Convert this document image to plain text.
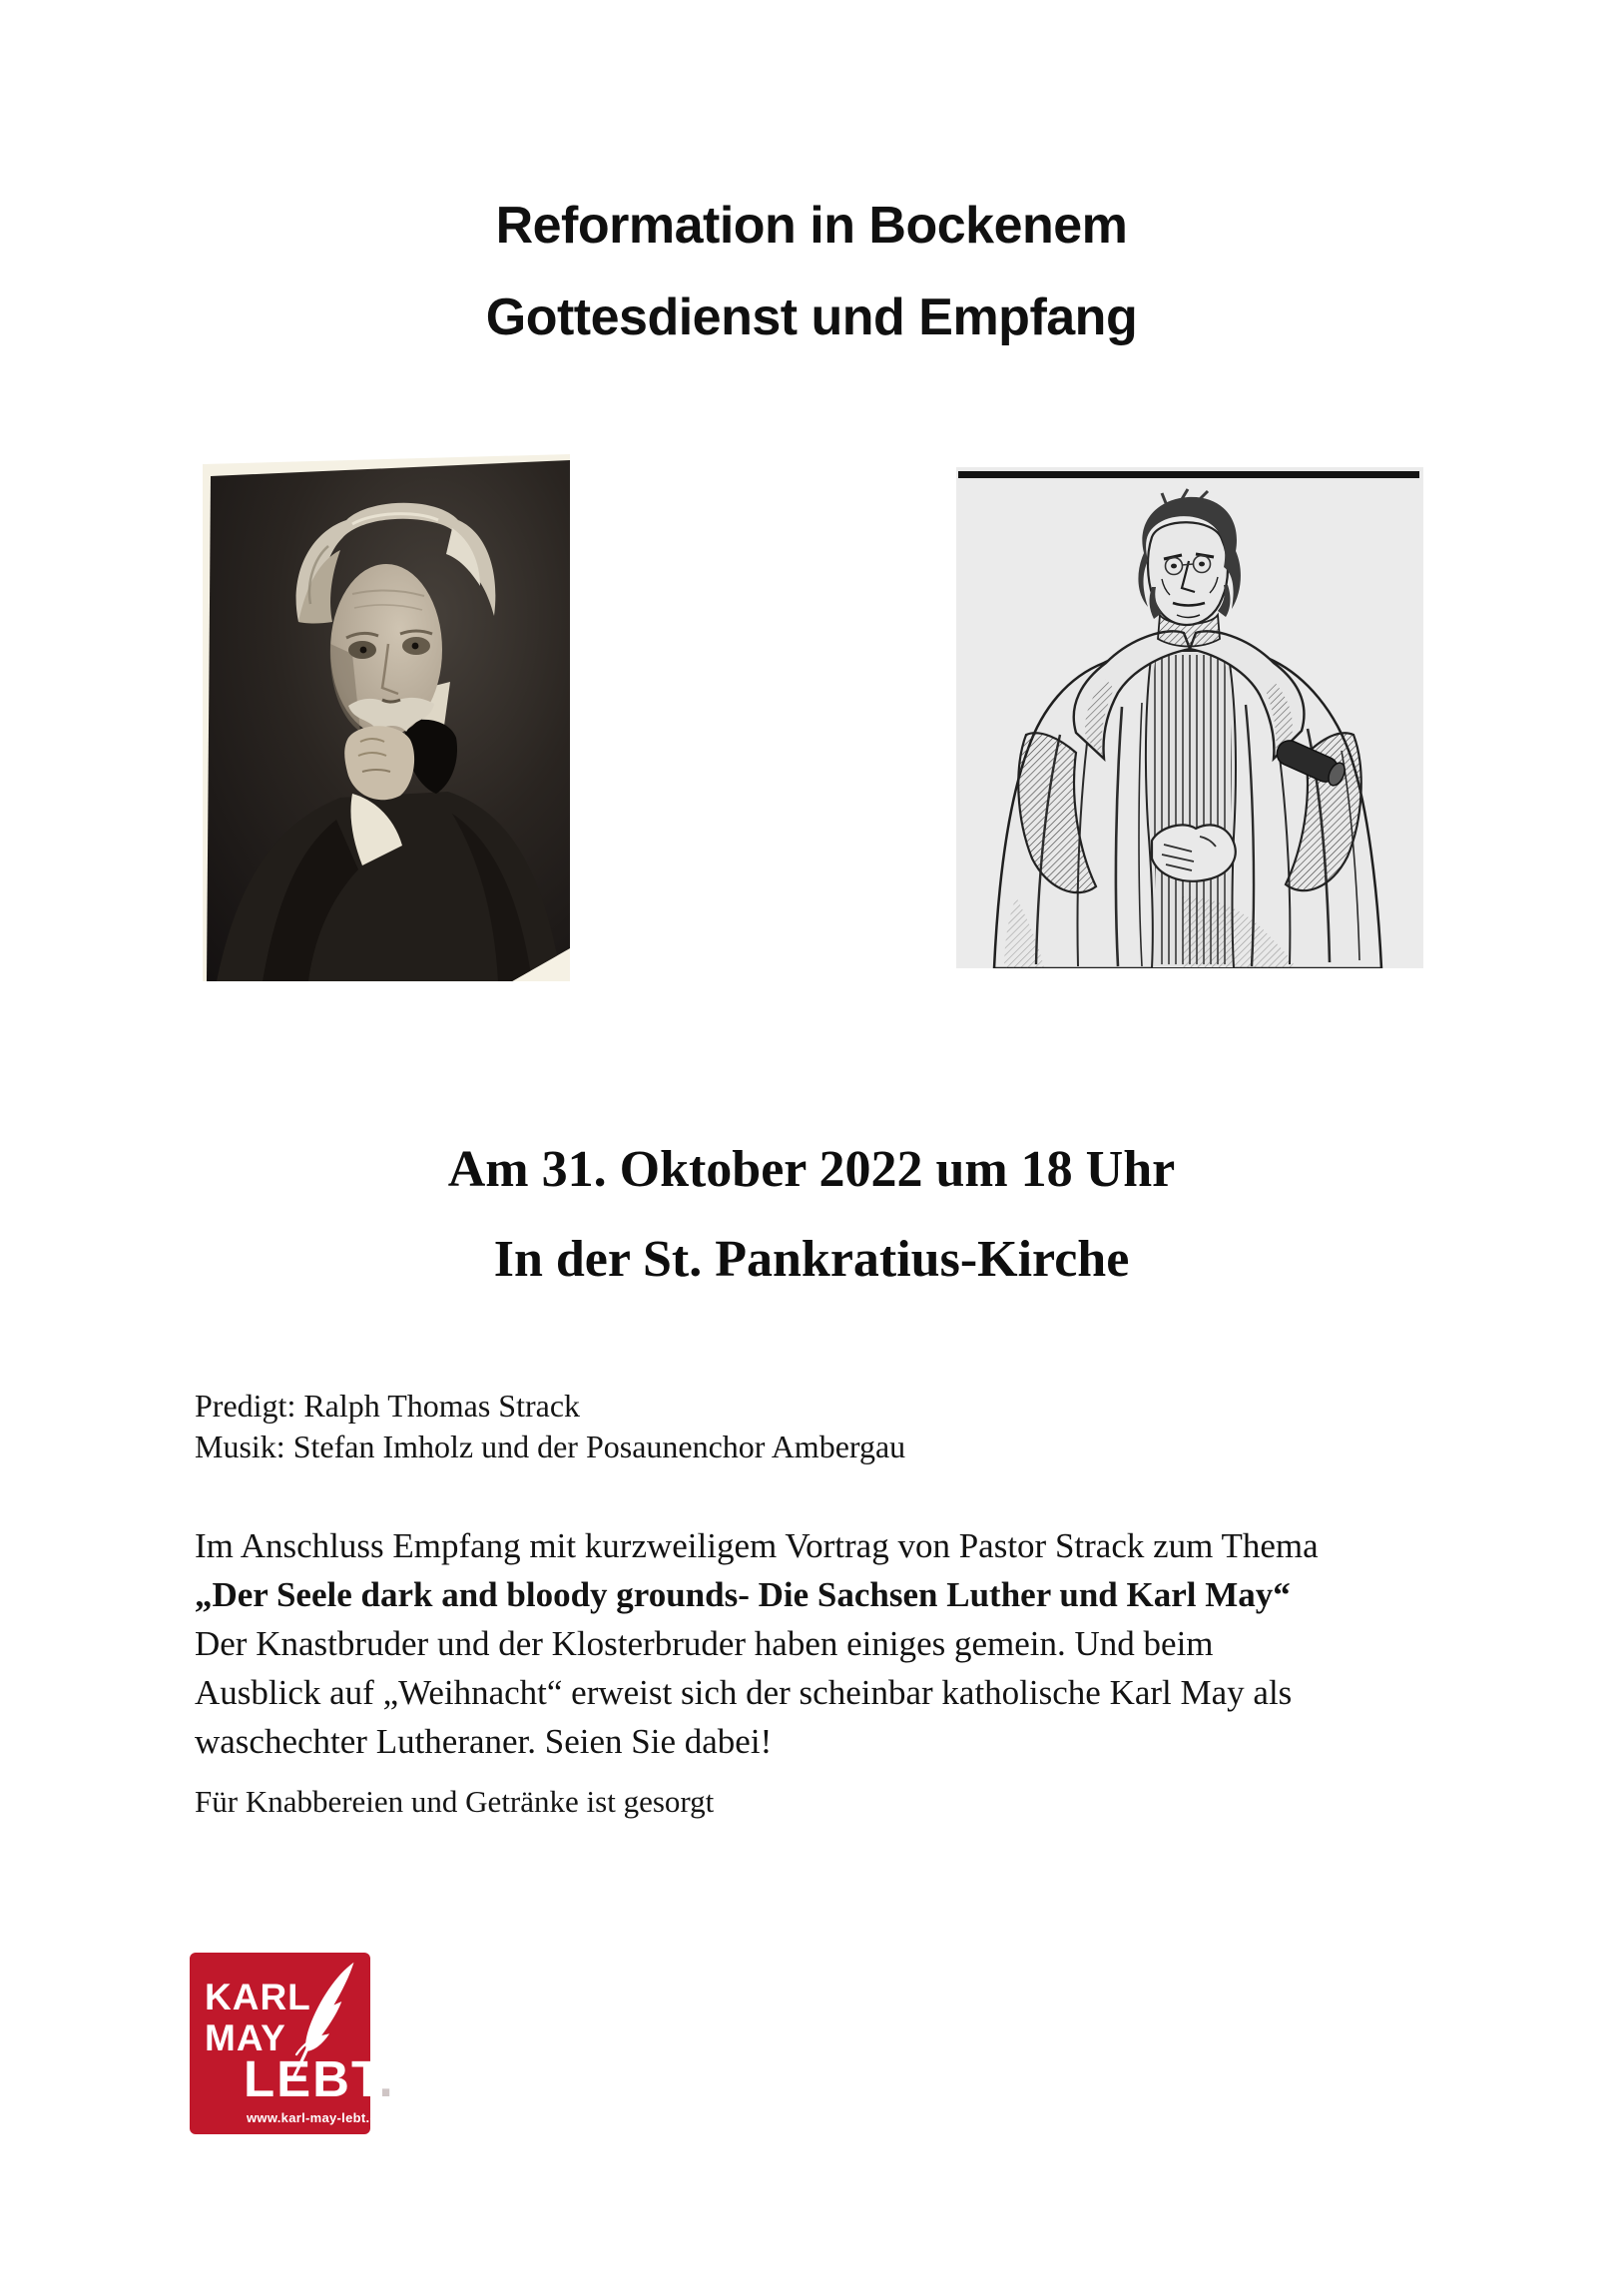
Reformation in Bockenem
Gottesdienst und Empfang
Am 31. Oktober 2022 um 18 Uhr
In der St. Pankratius-Kirche
Predigt: Ralph Thomas Strack
Musik: Stefan Imholz und der Posaunenchor Ambergau
Im Anschluss Empfang mit kurzweiligem Vortrag von Pastor Strack zum Thema
„Der Seele dark and bloody grounds- Die Sachsen Luther und Karl May“
Der Knastbruder und der Klosterbruder haben einiges gemein. Und beim
Ausblick auf „Weihnacht“ erweist sich der scheinbar katholische Karl May als
waschechter Lutheraner. Seien Sie dabei!
Für Knabbereien und Getränke ist gesorgt
KARL
MAY
LEBT.
www.karl-may-lebt.de
